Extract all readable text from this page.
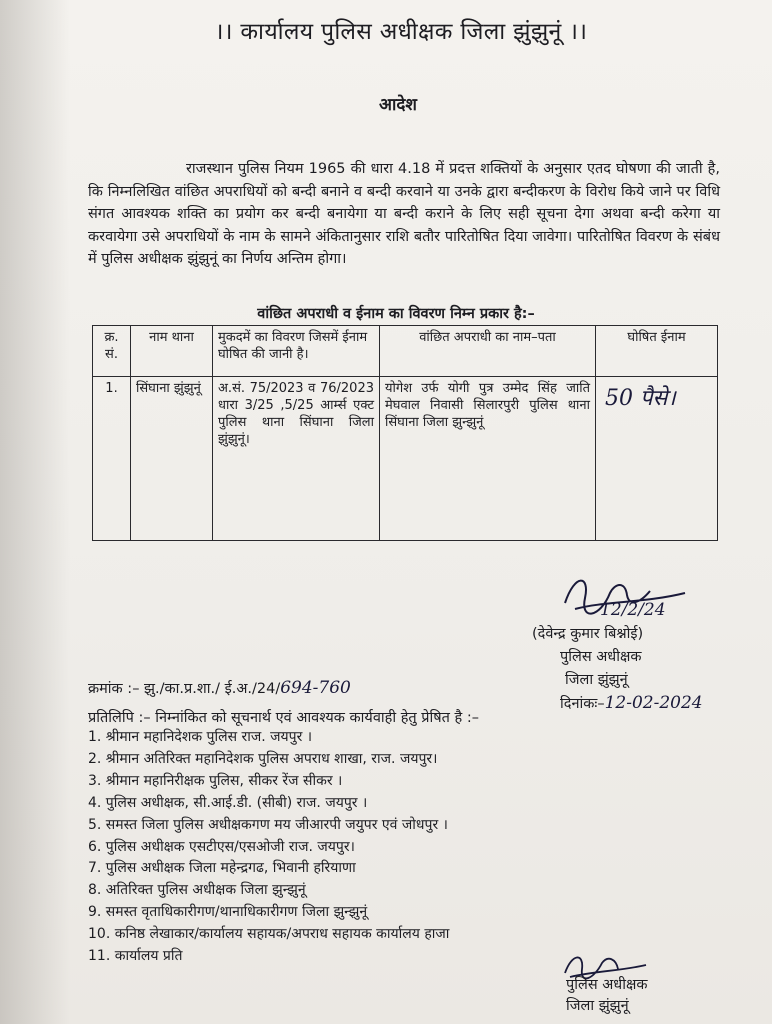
।। कार्यालय पुलिस अधीक्षक जिला झुंझुनूं ।।
आदेश
राजस्थान पुलिस नियम 1965 की धारा 4.18 में प्रदत्त शक्तियों के अनुसार एतद घोषणा की जाती है, कि निम्नलिखित वांछित अपराधियों को बन्दी बनाने व बन्दी करवाने या उनके द्वारा बन्दीकरण के विरोध किये जाने पर विधि संगत आवश्यक शक्ति का प्रयोग कर बन्दी बनायेगा या बन्दी कराने के लिए सही सूचना देगा अथवा बन्दी करेगा या करवायेगा उसे अपराधियों के नाम के सामने अंकितानुसार राशि बतौर पारितोषित दिया जावेगा। पारितोषित विवरण के संबंध में पुलिस अधीक्षक झुंझुनूं का निर्णय अन्तिम होगा।
वांछित अपराधी व ईनाम का विवरण निम्न प्रकार है:–
क्र. सं.	नाम थाना	मुकदमें का विवरण जिसमें ईनाम घोषित की जानी है।	वांछित अपराधी का नाम–पता	घोषित ईनाम
1.	सिंघाना झुंझुनूं	अ.सं. 75/2023 व 76/2023 धारा 3/25 ,5/25 आर्म्स एक्ट पुलिस थाना सिंघाना जिला झुंझुनूं।	योगेश उर्फ योगी पुत्र उम्मेद सिंह जाति मेघवाल निवासी सिलारपुरी पुलिस थाना सिंघाना जिला झुन्झुनूं	50 पैसे।
12/2/24
(देवेन्द्र कुमार बिश्नोई)
पुलिस अधीक्षक
जिला झुंझुनूं
दिनांकः–12-02-2024
क्रमांक :– झु./का.प्र.शा./ ई.अ./24/694-760
प्रतिलिपि :– निम्नांकित को सूचनार्थ एवं आवश्यक कार्यवाही हेतु प्रेषित है :–
1. श्रीमान महानिदेशक पुलिस राज. जयपुर ।
2. श्रीमान अतिरिक्त महानिदेशक पुलिस अपराध शाखा, राज. जयपुर।
3. श्रीमान महानिरीक्षक पुलिस, सीकर रेंज सीकर ।
4. पुलिस अधीक्षक, सी.आई.डी. (सीबी) राज. जयपुर ।
5. समस्त जिला पुलिस अधीक्षकगण मय जीआरपी जयुपर एवं जोधपुर ।
6. पुलिस अधीक्षक एसटीएस/एसओजी राज. जयपुर।
7. पुलिस अधीक्षक जिला महेन्द्रगढ, भिवानी हरियाणा
8. अतिरिक्त पुलिस अधीक्षक जिला झुन्झुनूं
9. समस्त वृताधिकारीगण/थानाधिकारीगण जिला झुन्झुनूं
10. कनिष्ठ लेखाकार/कार्यालय सहायक/अपराध सहायक कार्यालय हाजा
11. कार्यालय प्रति
पुलिस अधीक्षक
जिला झुंझुनूं
